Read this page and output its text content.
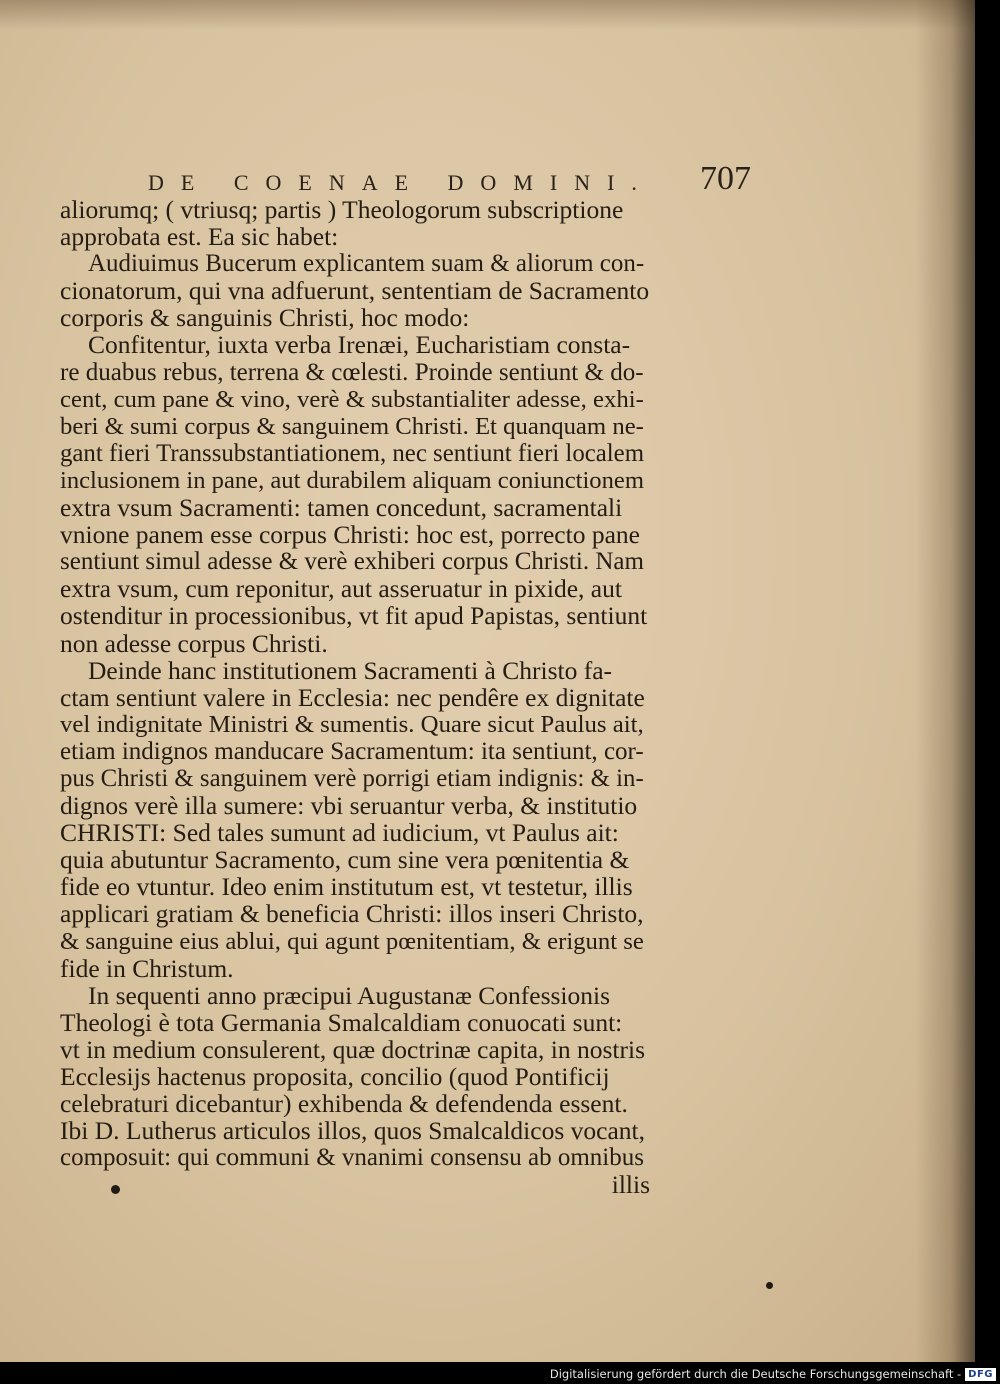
DE COENAE DOMINI. 707
aliorumq; ( vtriusq; partis ) Theologorum subscriptione
approbata est. Ea sic habet:
Audiuimus Bucerum explicantem suam & aliorum con-
cionatorum, qui vna adfuerunt, sententiam de Sacramento
corporis & sanguinis Christi, hoc modo:
Confitentur, iuxta verba Irenæi, Eucharistiam consta-
re duabus rebus, terrena & cœlesti. Proinde sentiunt & do-
cent, cum pane & vino, verè & substantialiter adesse, exhi-
beri & sumi corpus & sanguinem Christi. Et quanquam ne-
gant fieri Transsubstantiationem, nec sentiunt fieri localem
inclusionem in pane, aut durabilem aliquam coniunctionem
extra vsum Sacramenti: tamen concedunt, sacramentali
vnione panem esse corpus Christi: hoc est, porrecto pane
sentiunt simul adesse & verè exhiberi corpus Christi. Nam
extra vsum, cum reponitur, aut asseruatur in pixide, aut
ostenditur in processionibus, vt fit apud Papistas, sentiunt
non adesse corpus Christi.
Deinde hanc institutionem Sacramenti à Christo fa-
ctam sentiunt valere in Ecclesia: nec pendêre ex dignitate
vel indignitate Ministri & sumentis. Quare sicut Paulus ait,
etiam indignos manducare Sacramentum: ita sentiunt, cor-
pus Christi & sanguinem verè porrigi etiam indignis: & in-
dignos verè illa sumere: vbi seruantur verba, & institutio
CHRISTI: Sed tales sumunt ad iudicium, vt Paulus ait:
quia abutuntur Sacramento, cum sine vera pœnitentia &
fide eo vtuntur. Ideo enim institutum est, vt testetur, illis
applicari gratiam & beneficia Christi: illos inseri Christo,
& sanguine eius ablui, qui agunt pœnitentiam, & erigunt se
fide in Christum.
In sequenti anno præcipui Augustanæ Confessionis
Theologi è tota Germania Smalcaldiam conuocati sunt:
vt in medium consulerent, quæ doctrinæ capita, in nostris
Ecclesijs hactenus proposita, concilio (quod Pontificij
celebraturi dicebantur) exhibenda & defendenda essent.
Ibi D. Lutherus articulos illos, quos Smalcaldicos vocant,
composuit: qui communi & vnanimi consensu ab omnibus
illis
Digitalisierung gefördert durch die Deutsche Forschungsgemeinschaft - DFG
